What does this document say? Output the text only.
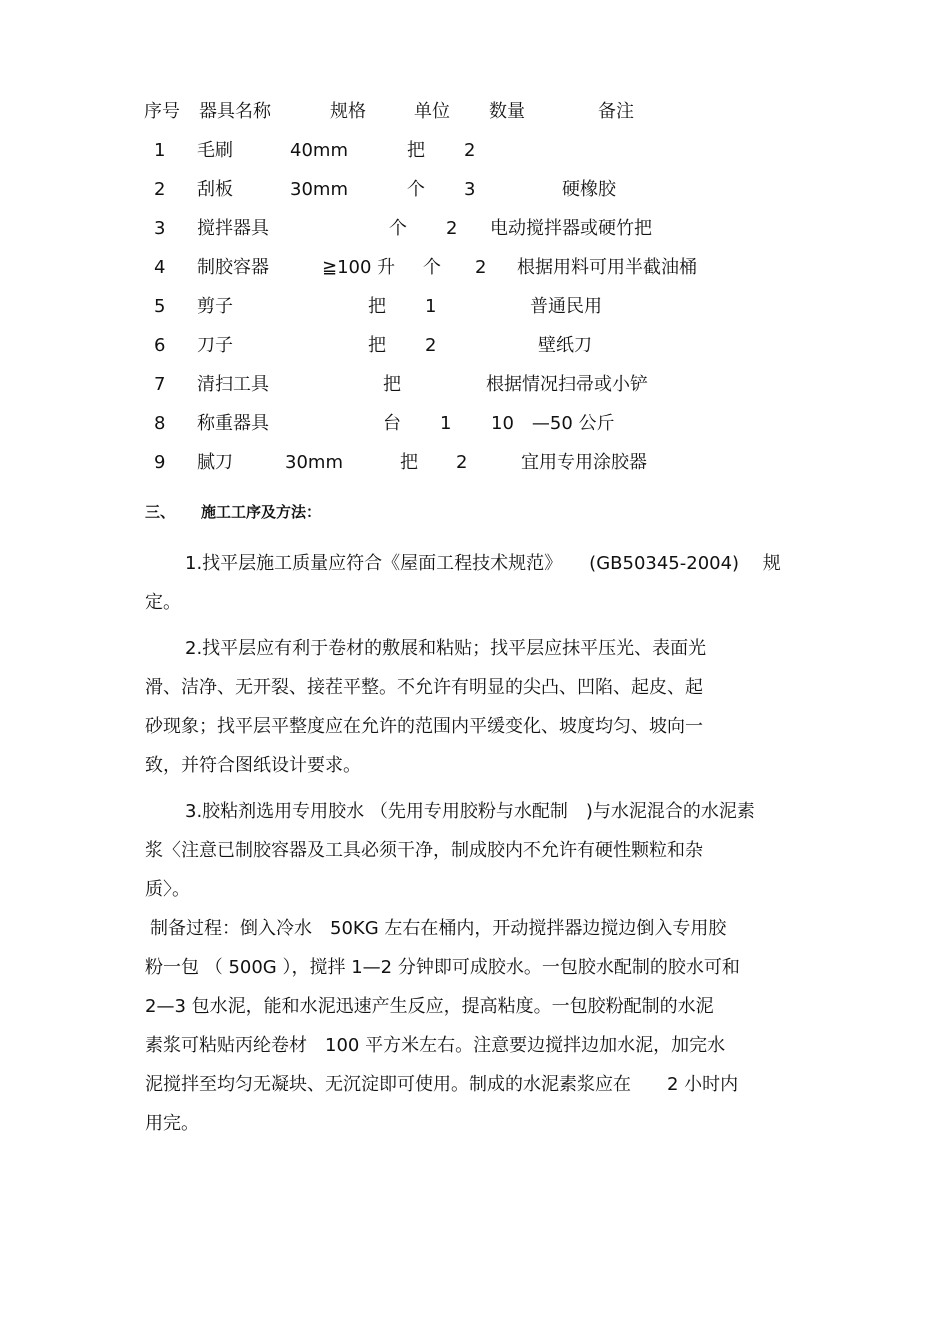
序号 器具名称	规格	单位 数量	备注
1 毛刷	40mm	把 2
2 刮板	30mm	个 3	硬橡胶
3 搅拌器具	个 2 电动搅拌器或硬竹把
4 制胶容器	≧100 升 个 2 根据用料可用半截油桶
5 剪子	把 1	普通民用
6 刀子	把 2	壁纸刀
7 清扫工具	把	根据情况扫帚或小铲
8 称重器具	台 1 10　—50 公斤
9 腻刀	30mm	把 2	宜用专用涂胶器
三、 施工工序及方法：
1.找平层施工质量应符合《屋面工程技术规范》　　(GB50345-2004)　 规
定。
2.找平层应有利于卷材的敷展和粘贴；找平层应抹平压光、表面光
滑、洁净、无开裂、接茬平整。不允许有明显的尖凸、凹陷、起皮、起
砂现象；找平层平整度应在允许的范围内平缓变化、坡度均匀、坡向一
致，并符合图纸设计要求。
3.胶粘剂选用专用胶水 （先用专用胶粉与水配制　)与水泥混合的水泥素
浆〈注意已制胶容器及工具必须干净，制成胶内不允许有硬性颗粒和杂
质〉。
制备过程：倒入冷水　50KG 左右在桶内，开动搅拌器边搅边倒入专用胶
粉一包 （ 500G ），搅拌 1—2 分钟即可成胶水。一包胶水配制的胶水可和
2—3 包水泥，能和水泥迅速产生反应，提高粘度。一包胶粉配制的水泥
素浆可粘贴丙纶卷材　100 平方米左右。注意要边搅拌边加水泥，加完水
泥搅拌至均匀无凝块、无沉淀即可使用。制成的水泥素浆应在　　2 小时内
用完。
